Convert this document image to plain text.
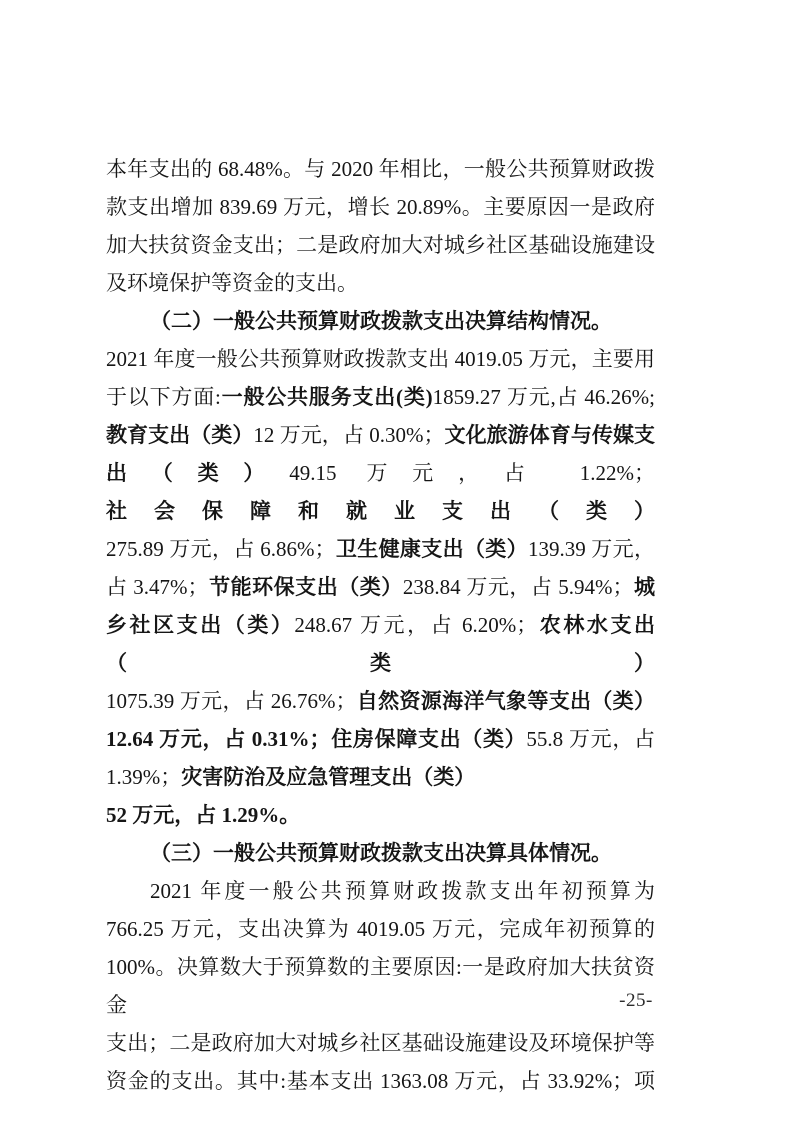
本年支出的 68.48%。与 2020 年相比，一般公共预算财政拨
款支出增加 839.69 万元，增长 20.89%。主要原因一是政府
加大扶贫资金支出；二是政府加大对城乡社区基础设施建设
及环境保护等资金的支出。
（二）一般公共预算财政拨款支出决算结构情况。
2021 年度一般公共预算财政拨款支出 4019.05 万元，主要用
于以下方面:一般公共服务支出(类)1859.27 万元,占 46.26%;
教育支出（类）12 万元，占 0.30%；文化旅游体育与传媒支
出（类）49.15 万元，占 1.22%；社会保障和就业支出（类）
275.89 万元，占 6.86%；卫生健康支出（类）139.39 万元，
占 3.47%；节能环保支出（类）238.84 万元，占 5.94%；城
乡社区支出（类）248.67 万元，占 6.20%；农林水支出（类）
1075.39 万元，占 26.76%；自然资源海洋气象等支出（类）
12.64 万元，占 0.31%；住房保障支出（类）55.8 万元，占
1.39%；灾害防治及应急管理支出（类）
52 万元，占 1.29%。
（三）一般公共预算财政拨款支出决算具体情况。
2021 年度一般公共预算财政拨款支出年初预算为
766.25 万元，支出决算为 4019.05 万元，完成年初预算的
100%。决算数大于预算数的主要原因:一是政府加大扶贫资金
支出；二是政府加大对城乡社区基础设施建设及环境保护等
资金的支出。其中:基本支出 1363.08 万元，占 33.92%；项
-25-
